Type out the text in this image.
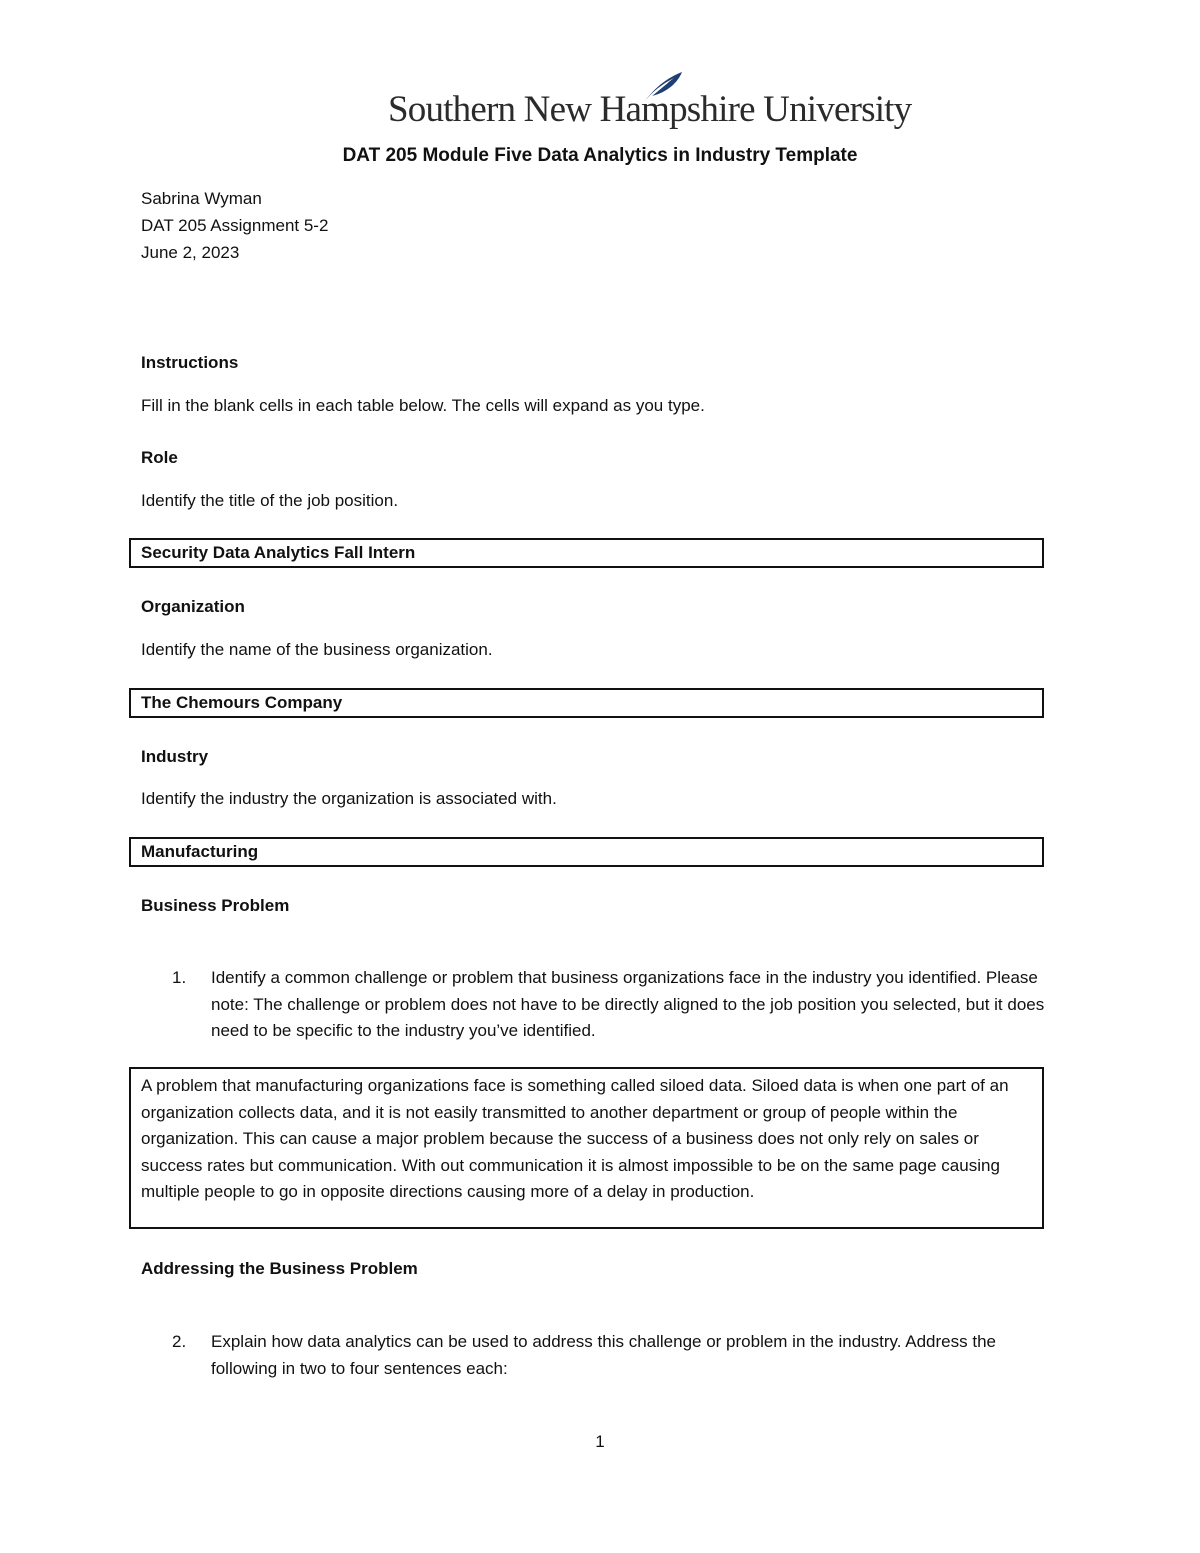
Southern New Hampshire University
DAT 205 Module Five Data Analytics in Industry Template
Sabrina Wyman
DAT 205 Assignment 5-2
June 2, 2023
Instructions
Fill in the blank cells in each table below. The cells will expand as you type.
Role
Identify the title of the job position.
Security Data Analytics Fall Intern
Organization
Identify the name of the business organization.
The Chemours Company
Industry
Identify the industry the organization is associated with.
Manufacturing
Business Problem
1. Identify a common challenge or problem that business organizations face in the industry you identified. Please note: The challenge or problem does not have to be directly aligned to the job position you selected, but it does need to be specific to the industry you’ve identified.
A problem that manufacturing organizations face is something called siloed data. Siloed data is when one part of an organization collects data, and it is not easily transmitted to another department or group of people within the organization. This can cause a major problem because the success of a business does not only rely on sales or success rates but communication. With out communication it is almost impossible to be on the same page causing multiple people to go in opposite directions causing more of a delay in production.
Addressing the Business Problem
2. Explain how data analytics can be used to address this challenge or problem in the industry. Address the following in two to four sentences each:
1
